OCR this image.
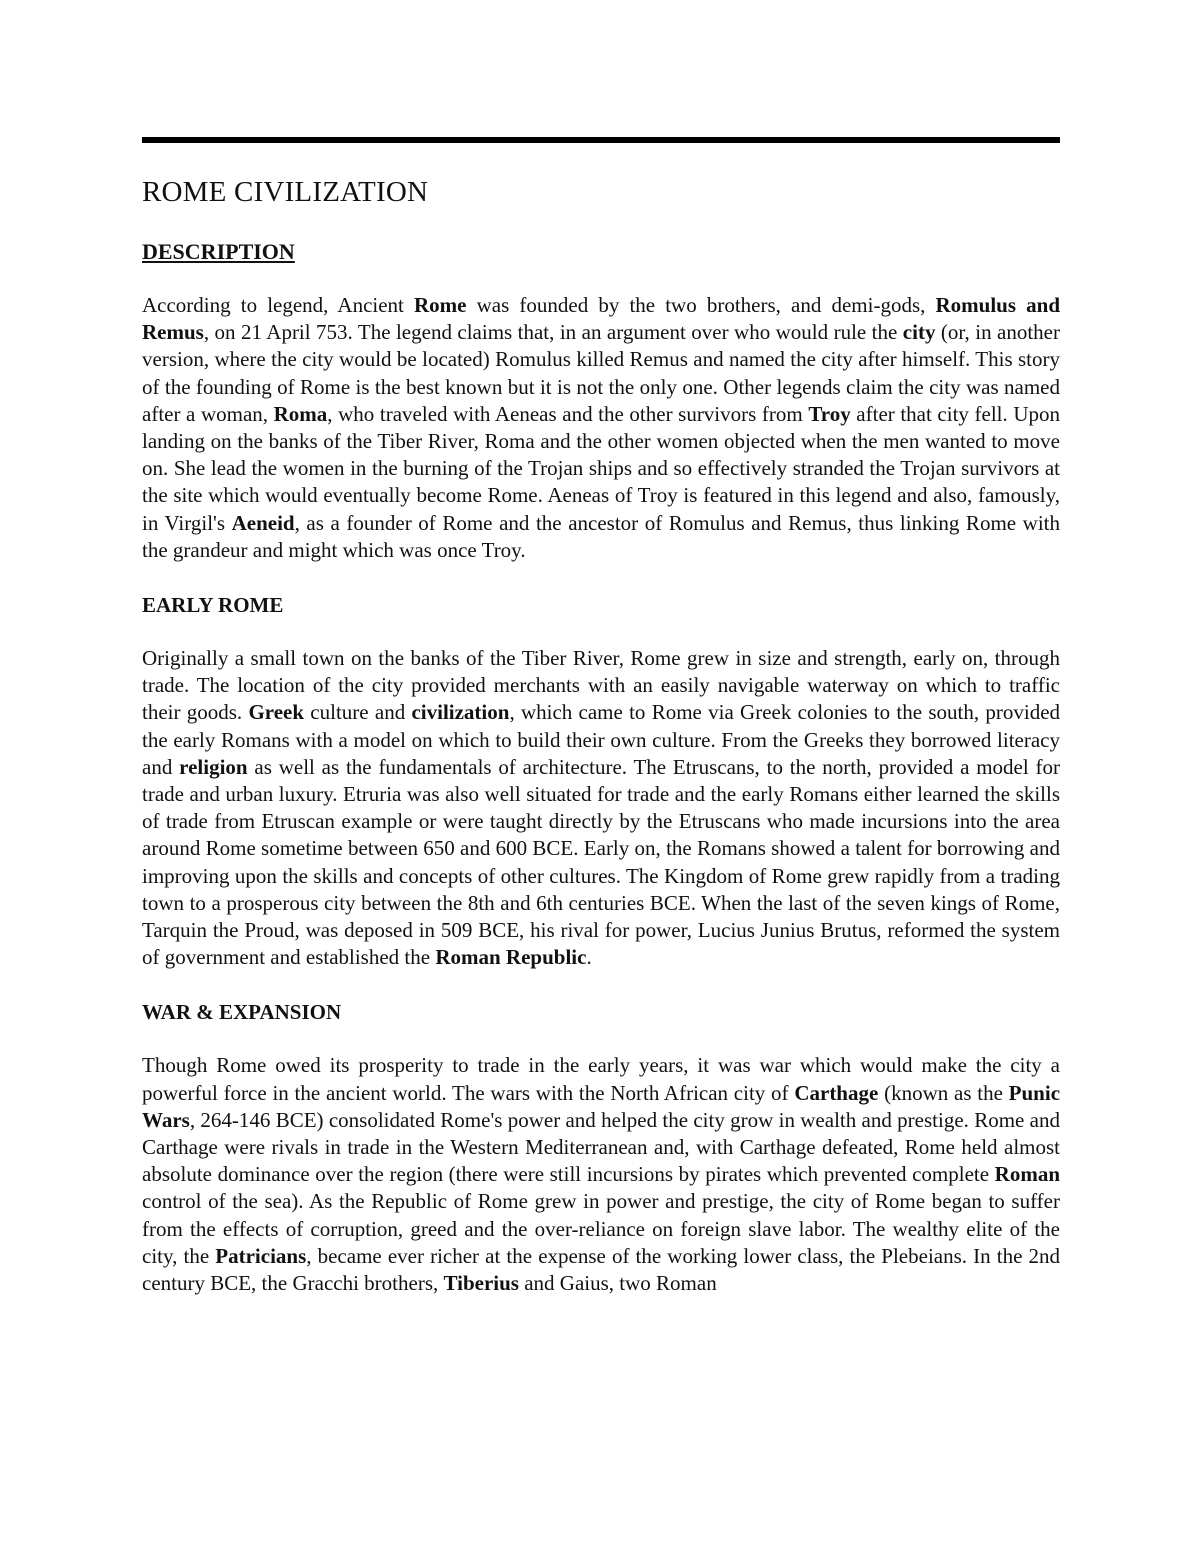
ROME CIVILIZATION
DESCRIPTION

According to legend, Ancient Rome was founded by the two brothers, and demi-gods, Romulus and Remus, on 21 April 753. The legend claims that, in an argument over who would rule the city (or, in another version, where the city would be located) Romulus killed Remus and named the city after himself. This story of the founding of Rome is the best known but it is not the only one. Other legends claim the city was named after a woman, Roma, who traveled with Aeneas and the other survivors from Troy after that city fell. Upon landing on the banks of the Tiber River, Roma and the other women objected when the men wanted to move on. She lead the women in the burning of the Trojan ships and so effectively stranded the Trojan survivors at the site which would eventually become Rome. Aeneas of Troy is featured in this legend and also, famously, in Virgil's Aeneid, as a founder of Rome and the ancestor of Romulus and Remus, thus linking Rome with the grandeur and might which was once Troy.

EARLY ROME

Originally a small town on the banks of the Tiber River, Rome grew in size and strength, early on, through trade. The location of the city provided merchants with an easily navigable waterway on which to traffic their goods. Greek culture and civilization, which came to Rome via Greek colonies to the south, provided the early Romans with a model on which to build their own culture. From the Greeks they borrowed literacy and religion as well as the fundamentals of architecture. The Etruscans, to the north, provided a model for trade and urban luxury. Etruria was also well situated for trade and the early Romans either learned the skills of trade from Etruscan example or were taught directly by the Etruscans who made incursions into the area around Rome sometime between 650 and 600 BCE. Early on, the Romans showed a talent for borrowing and improving upon the skills and concepts of other cultures. The Kingdom of Rome grew rapidly from a trading town to a prosperous city between the 8th and 6th centuries BCE. When the last of the seven kings of Rome, Tarquin the Proud, was deposed in 509 BCE, his rival for power, Lucius Junius Brutus, reformed the system of government and established the Roman Republic.

WAR & EXPANSION

Though Rome owed its prosperity to trade in the early years, it was war which would make the city a powerful force in the ancient world. The wars with the North African city of Carthage (known as the Punic Wars, 264-146 BCE) consolidated Rome's power and helped the city grow in wealth and prestige. Rome and Carthage were rivals in trade in the Western Mediterranean and, with Carthage defeated, Rome held almost absolute dominance over the region (there were still incursions by pirates which prevented complete Roman control of the sea). As the Republic of Rome grew in power and prestige, the city of Rome began to suffer from the effects of corruption, greed and the over-reliance on foreign slave labor. The wealthy elite of the city, the Patricians, became ever richer at the expense of the working lower class, the Plebeians. In the 2nd century BCE, the Gracchi brothers, Tiberius and Gaius, two Roman
